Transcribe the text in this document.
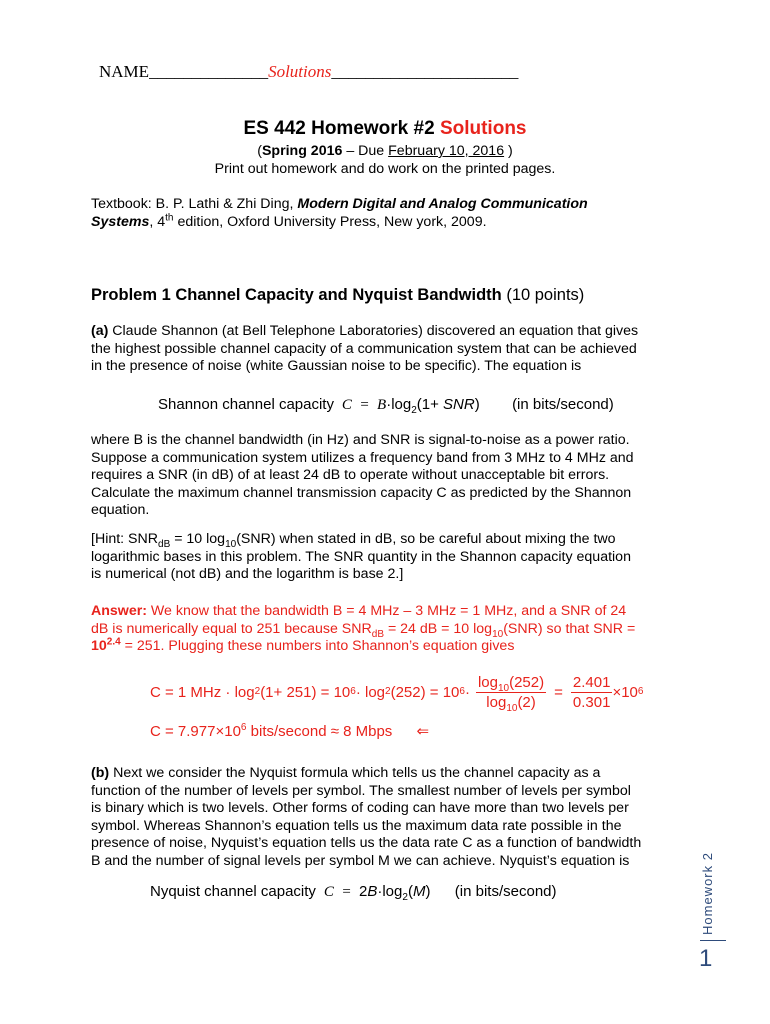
NAME______________Solutions______________________
ES 442 Homework #2 Solutions
(Spring 2016 – Due February 10, 2016 )
Print out homework and do work on the printed pages.
Textbook: B. P. Lathi & Zhi Ding, Modern Digital and Analog Communication
Systems, 4th edition, Oxford University Press, New york, 2009.
Problem 1 Channel Capacity and Nyquist Bandwidth (10 points)
(a) Claude Shannon (at Bell Telephone Laboratories) discovered an equation that gives
the highest possible channel capacity of a communication system that can be achieved
in the presence of noise (white Gaussian noise to be specific). The equation is
Shannon channel capacity  $C = B\cdot\log_2(1+ SNR)$ (in bits/second)
where B is the channel bandwidth (in Hz) and SNR is signal-to-noise as a power ratio.
Suppose a communication system utilizes a frequency band from 3 MHz to 4 MHz and
requires a SNR (in dB) of at least 24 dB to operate without unacceptable bit errors.
Calculate the maximum channel transmission capacity C as predicted by the Shannon
equation.
[Hint: $SNR_{dB} = 10$ $\log_{10}(SNR)$ when stated in dB, so be careful about mixing the two
logarithmic bases in this problem. The SNR quantity in the Shannon capacity equation
is numerical (not dB) and the logarithm is base 2.]
Answer: We know that the bandwidth B = 4 MHz – 3 MHz = 1 MHz, and a SNR of 24
dB is numerically equal to 251 because $SNR_{dB} = 24$ dB = 10 $\log_{10}(SNR)$ so that SNR =
$10^{2.4} = 251$. Plugging these numbers into Shannon’s equation gives
C = 1 MHz · log 2 (1+ 251) = 10 6 · log 2 (252) = 10 $6 \cdot \frac{\log_{10}(252)}{\log_{10}(2)} = \frac{2.401}{0.301} \times 10$ 6
$C = 7.977\times 10^6$ bits/second ≈ 8 Mbps ⇐
(b) Next we consider the Nyquist formula which tells us the channel capacity as a
function of the number of levels per symbol. The smallest number of levels per symbol
is binary which is two levels. Other forms of coding can have more than two levels per
symbol. Whereas Shannon’s equation tells us the maximum data rate possible in the
presence of noise, Nyquist’s equation tells us the data rate C as a function of bandwidth
B and the number of signal levels per symbol M we can achieve. Nyquist’s equation is
Nyquist channel capacity  $C = 2B\cdot\log_2(M)$  (in bits/second)	Homework 2
1
